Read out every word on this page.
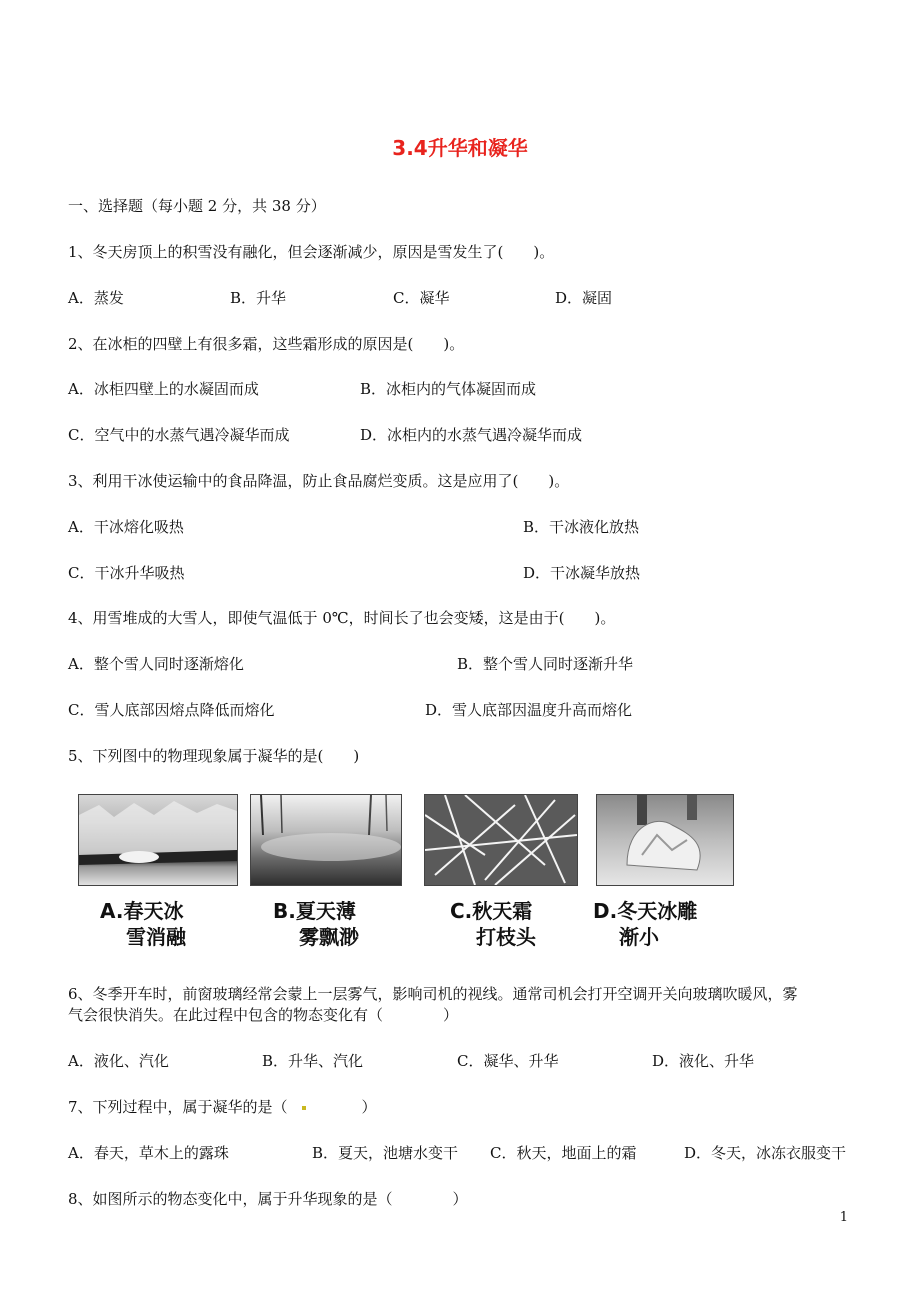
3.4升华和凝华
一、选择题（每小题 2 分，共 38 分）
1、冬天房顶上的积雪没有融化，但会逐渐减少，原因是雪发生了(　　)。
A．蒸发	B．升华	C．凝华	D．凝固
2、在冰柜的四壁上有很多霜，这些霜形成的原因是(　　)。
A．冰柜四壁上的水凝固而成	B．冰柜内的气体凝固而成
C．空气中的水蒸气遇冷凝华而成	D．冰柜内的水蒸气遇冷凝华而成
3、利用干冰使运输中的食品降温，防止食品腐烂变质。这是应用了(　　)。
A．干冰熔化吸热	B．干冰液化放热
C．干冰升华吸热	D．干冰凝华放热
4、用雪堆成的大雪人，即使气温低于 0℃，时间长了也会变矮，这是由于(　　)。
A．整个雪人同时逐渐熔化	B．整个雪人同时逐渐升华
C．雪人底部因熔点降低而熔化	D．雪人底部因温度升高而熔化
5、下列图中的物理现象属于凝华的是(　　)
A.春天冰
雪消融
B.夏天薄
雾飘渺
C.秋天霜
打枝头
D.冬天冰雕
渐小
6、冬季开车时，前窗玻璃经常会蒙上一层雾气，影响司机的视线。通常司机会打开空调开关向玻璃吹暖风，雾
气会很快消失。在此过程中包含的物态变化有（　　　　）
A．液化、汽化	B．升华、汽化	C．凝华、升华	D．液化、升华
7、下列过程中，属于凝华的是（	）
A．春天，草木上的露珠	B．夏天，池塘水变干 C．秋天，地面上的霜	D．冬天，冰冻衣服变干
8、如图所示的物态变化中，属于升华现象的是（　　　　）
1
